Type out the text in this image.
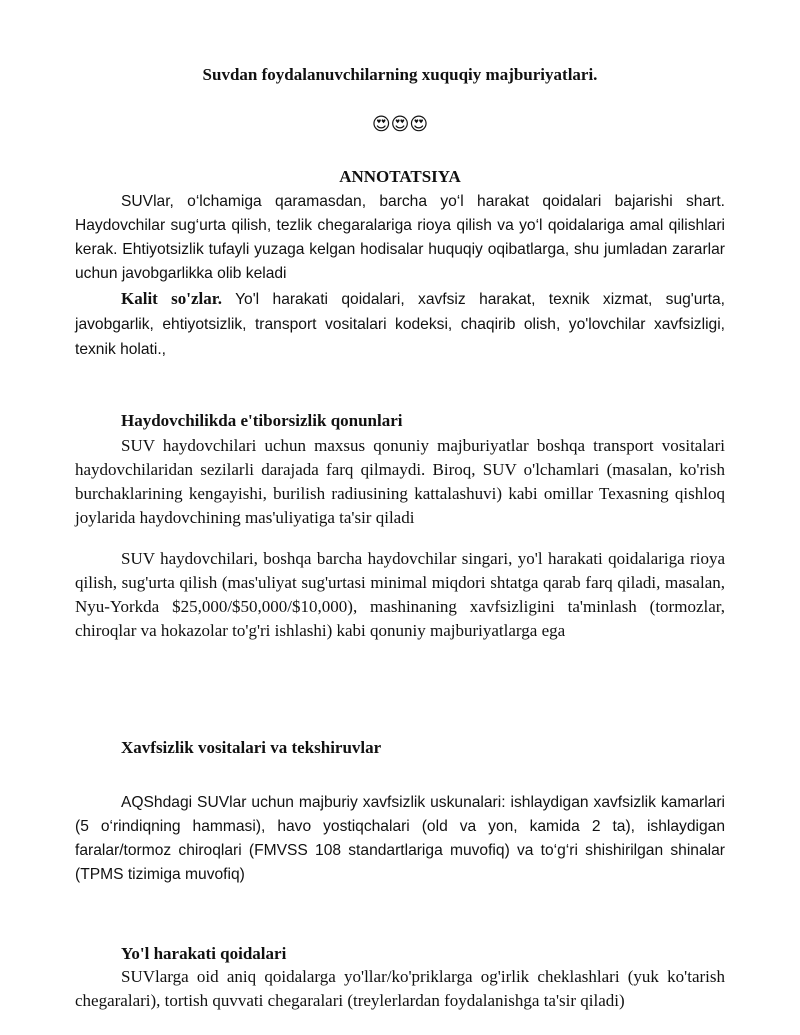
Suvdan foydalanuvchilarning xuquqiy majburiyatlari.
😍😍😍
ANNOTATSIYA

SUVlar, o‘lchamiga qaramasdan, barcha yo‘l harakat qoidalari bajarishi shart. Haydovchilar sug‘urta qilish, tezlik chegaralariga rioya qilish va yo‘l qoidalariga amal qilishlari kerak. Ehtiyotsizlik tufayli yuzaga kelgan hodisalar huquqiy oqibatlarga, shu jumladan zararlar uchun javobgarlikka olib keladi

Kalit so'zlar. Yo'l harakati qoidalari, xavfsiz harakat, texnik xizmat, sug'urta, javobgarlik, ehtiyotsizlik, transport vositalari kodeksi, chaqirib olish, yo'lovchilar xavfsizligi, texnik holati.,

Haydovchilikda e'tiborsizlik qonunlari

SUV haydovchilari uchun maxsus qonuniy majburiyatlar boshqa transport vositalari haydovchilaridan sezilarli darajada farq qilmaydi. Biroq, SUV o'lchamlari (masalan, ko'rish burchaklarining kengayishi, burilish radiusining kattalashuvi) kabi omillar Texasning qishloq joylarida haydovchining mas'uliyatiga ta'sir qiladi

SUV haydovchilari, boshqa barcha haydovchilar singari, yo'l harakati qoidalariga rioya qilish, sug'urta qilish (mas'uliyat sug'urtasi minimal miqdori shtatga qarab farq qiladi, masalan, Nyu-Yorkda $25,000/$50,000/$10,000), mashinaning xavfsizligini ta'minlash (tormozlar, chiroqlar va hokazolar to'g'ri ishlashi) kabi qonuniy majburiyatlarga ega

Xavfsizlik vositalari va tekshiruvlar

AQShdagi SUVlar uchun majburiy xavfsizlik uskunalari: ishlaydigan xavfsizlik kamarlari (5 o‘rindiqning hammasi), havo yostiqchalari (old va yon, kamida 2 ta), ishlaydigan faralar/tormoz chiroqlari (FMVSS 108 standartlariga muvofiq) va to‘g‘ri shishirilgan shinalar (TPMS tizimiga muvofiq)

Yo'l harakati qoidalari

SUVlarga oid aniq qoidalarga yo'llar/ko'priklarga og'irlik cheklashlari (yuk ko'tarish chegaralari), tortish quvvati chegaralari (treylerlardan foydalanishga ta'sir qiladi)
